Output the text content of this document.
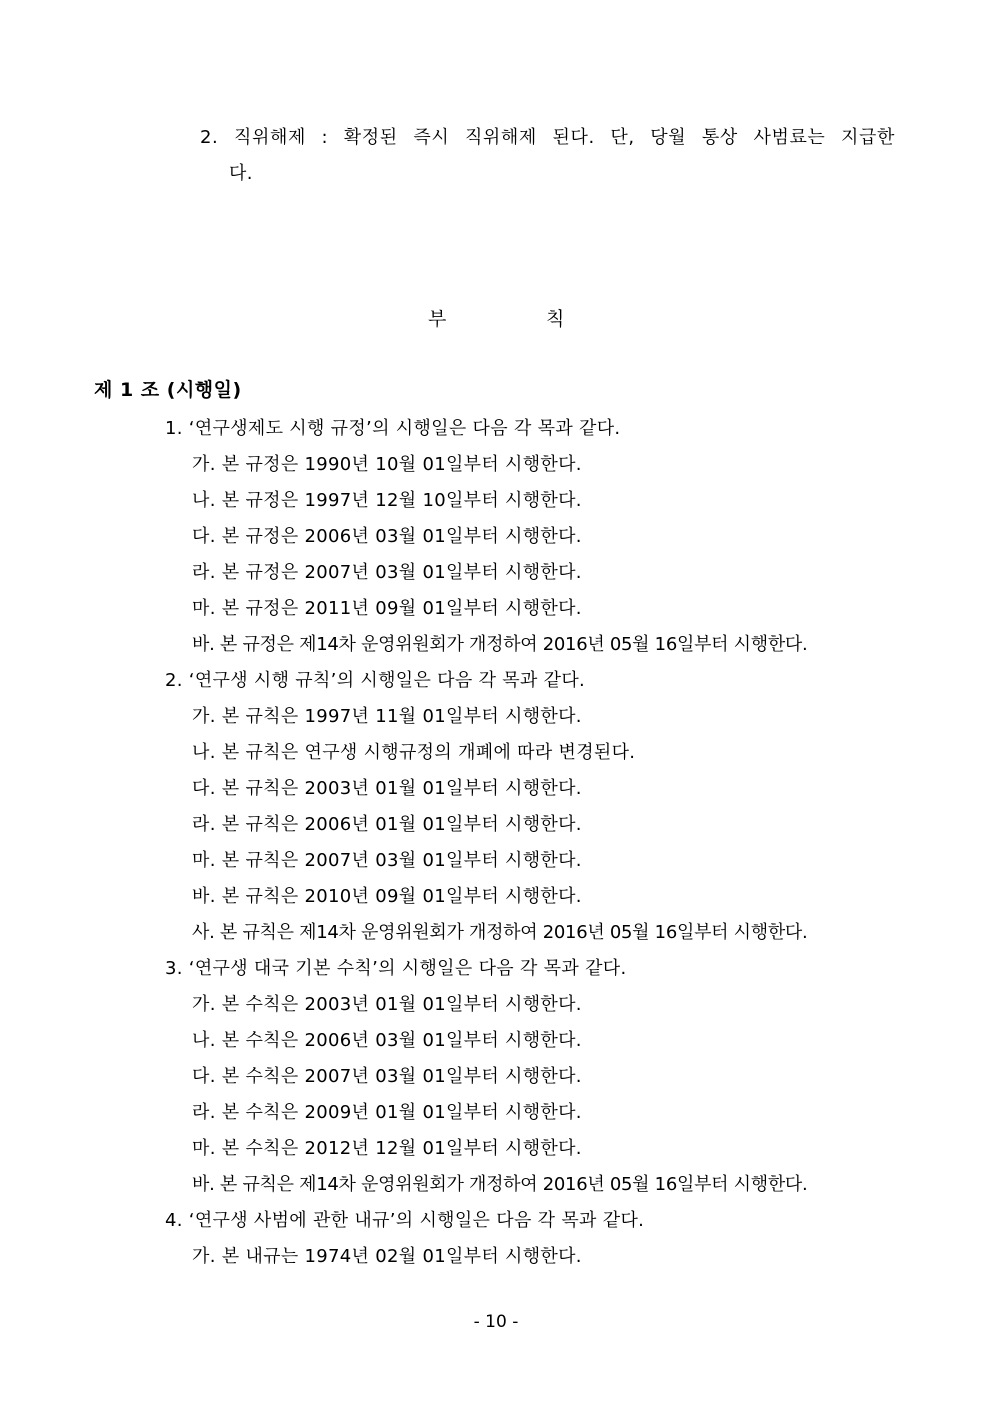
2. 직위해제 : 확정된 즉시 직위해제 된다. 단, 당월 통상 사범료는 지급한
다.
부	칙
제 1 조 (시행일)
1. ‘연구생제도 시행 규정’의 시행일은 다음 각 목과 같다.
가. 본 규정은 1990년 10월 01일부터 시행한다.
나. 본 규정은 1997년 12월 10일부터 시행한다.
다. 본 규정은 2006년 03월 01일부터 시행한다.
라. 본 규정은 2007년 03월 01일부터 시행한다.
마. 본 규정은 2011년 09월 01일부터 시행한다.
바. 본 규정은 제14차 운영위원회가 개정하여 2016년 05월 16일부터 시행한다.
2. ‘연구생 시행 규칙’의 시행일은 다음 각 목과 같다.
가. 본 규칙은 1997년 11월 01일부터 시행한다.
나. 본 규칙은 연구생 시행규정의 개폐에 따라 변경된다.
다. 본 규칙은 2003년 01월 01일부터 시행한다.
라. 본 규칙은 2006년 01월 01일부터 시행한다.
마. 본 규칙은 2007년 03월 01일부터 시행한다.
바. 본 규칙은 2010년 09월 01일부터 시행한다.
사. 본 규칙은 제14차 운영위원회가 개정하여 2016년 05월 16일부터 시행한다.
3. ‘연구생 대국 기본 수칙’의 시행일은 다음 각 목과 같다.
가. 본 수칙은 2003년 01월 01일부터 시행한다.
나. 본 수칙은 2006년 03월 01일부터 시행한다.
다. 본 수칙은 2007년 03월 01일부터 시행한다.
라. 본 수칙은 2009년 01월 01일부터 시행한다.
마. 본 수칙은 2012년 12월 01일부터 시행한다.
바. 본 규칙은 제14차 운영위원회가 개정하여 2016년 05월 16일부터 시행한다.
4. ‘연구생 사범에 관한 내규’의 시행일은 다음 각 목과 같다.
가. 본 내규는 1974년 02월 01일부터 시행한다.
- 10 -
